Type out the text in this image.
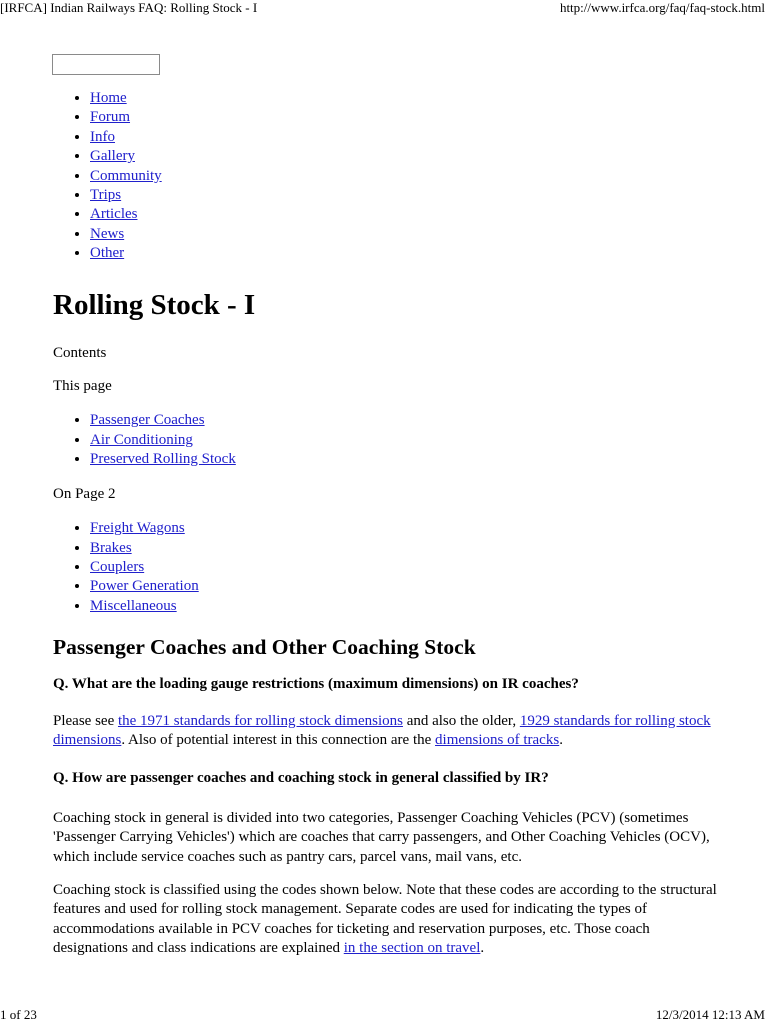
[IRFCA] Indian Railways FAQ: Rolling Stock - I	http://www.irfca.org/faq/faq-stock.html
• Home
• Forum
• Info
• Gallery
• Community
• Trips
• Articles
• News
• Other
Rolling Stock - I

Contents

This page

• Passenger Coaches
• Air Conditioning
• Preserved Rolling Stock

On Page 2

• Freight Wagons
• Brakes
• Couplers
• Power Generation
• Miscellaneous
Passenger Coaches and Other Coaching Stock

Q. What are the loading gauge restrictions (maximum dimensions) on IR coaches?

Please see the 1971 standards for rolling stock dimensions and also the older, 1929 standards for rolling stock dimensions. Also of potential interest in this connection are the dimensions of tracks.

Q. How are passenger coaches and coaching stock in general classified by IR?

Coaching stock in general is divided into two categories, Passenger Coaching Vehicles (PCV) (sometimes 'Passenger Carrying Vehicles') which are coaches that carry passengers, and Other Coaching Vehicles (OCV), which include service coaches such as pantry cars, parcel vans, mail vans, etc.

Coaching stock is classified using the codes shown below. Note that these codes are according to the structural features and used for rolling stock management. Separate codes are used for indicating the types of accommodations available in PCV coaches for ticketing and reservation purposes, etc. Those coach designations and class indications are explained in the section on travel.

1 of 23	12/3/2014 12:13 AM
